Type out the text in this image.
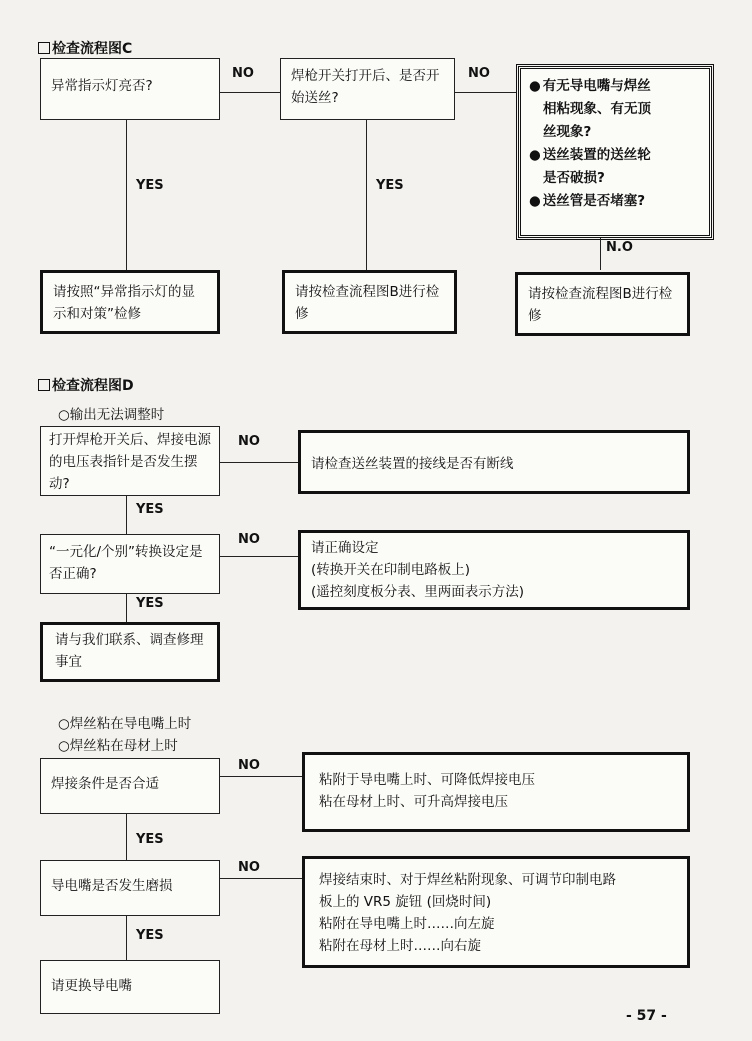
检查流程图C
异常指示灯亮否?
NO	焊枪开关打开后、是否开始送丝?
NO
● 有无导电嘴与焊丝
相粘现象、有无顶
丝现象?
● 送丝装置的送丝轮
是否破损?
● 送丝管是否堵塞?
YES	YES
N.O
请按照“异常指示灯的显示和对策”检修
请按检查流程图B进行检修
请按检查流程图B进行检修
检查流程图D
○输出无法调整时
打开焊枪开关后、焊接电源的电压表指针是否发生摆动?
NO
请检查送丝装置的接线是否有断线
YES
“一元化/个别”转换设定是否正确?
NO
请正确设定
(转换开关在印制电路板上)
(遥控刻度板分表、里两面表示方法)
YES
请与我们联系、调查修理事宜
○焊丝粘在导电嘴上时
○焊丝粘在母材上时
焊接条件是否合适
NO
粘附于导电嘴上时、可降低焊接电压
粘在母材上时、可升高焊接电压
YES
导电嘴是否发生磨损
NO
焊接结束时、对于焊丝粘附现象、可调节印制电路
板上的 VR5 旋钮 (回烧时间)
粘附在导电嘴上时……向左旋
粘附在母材上时……向右旋
YES
请更换导电嘴
- 57 -
